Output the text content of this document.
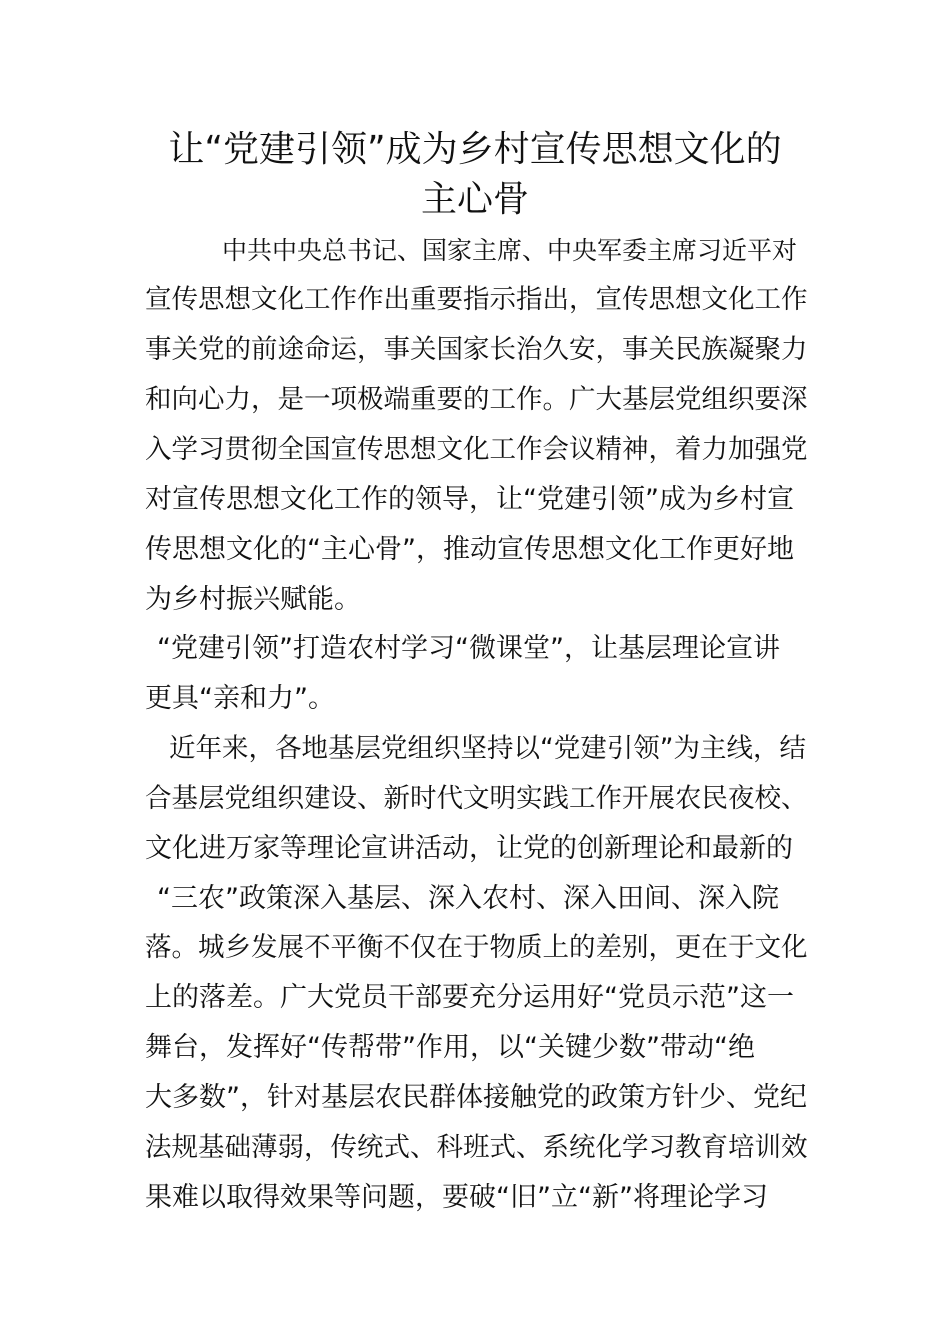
让“党建引领”成为乡村宣传思想文化的
主心骨
中共中央总书记、国家主席、中央军委主席习近平对
宣传思想文化工作作出重要指示指出，宣传思想文化工作
事关党的前途命运，事关国家长治久安，事关民族凝聚力
和向心力，是一项极端重要的工作。广大基层党组织要深
入学习贯彻全国宣传思想文化工作会议精神，着力加强党
对宣传思想文化工作的领导，让“党建引领”成为乡村宣
传思想文化的“主心骨”，推动宣传思想文化工作更好地
为乡村振兴赋能。
“党建引领”打造农村学习“微课堂”，让基层理论宣讲
更具“亲和力”。
近年来，各地基层党组织坚持以“党建引领”为主线，结
合基层党组织建设、新时代文明实践工作开展农民夜校、
文化进万家等理论宣讲活动，让党的创新理论和最新的
“三农”政策深入基层、深入农村、深入田间、深入院
落。城乡发展不平衡不仅在于物质上的差别，更在于文化
上的落差。广大党员干部要充分运用好“党员示范”这一
舞台，发挥好“传帮带”作用，以“关键少数”带动“绝
大多数”，针对基层农民群体接触党的政策方针少、党纪
法规基础薄弱，传统式、科班式、系统化学习教育培训效
果难以取得效果等问题，要破“旧”立“新”将理论学习
